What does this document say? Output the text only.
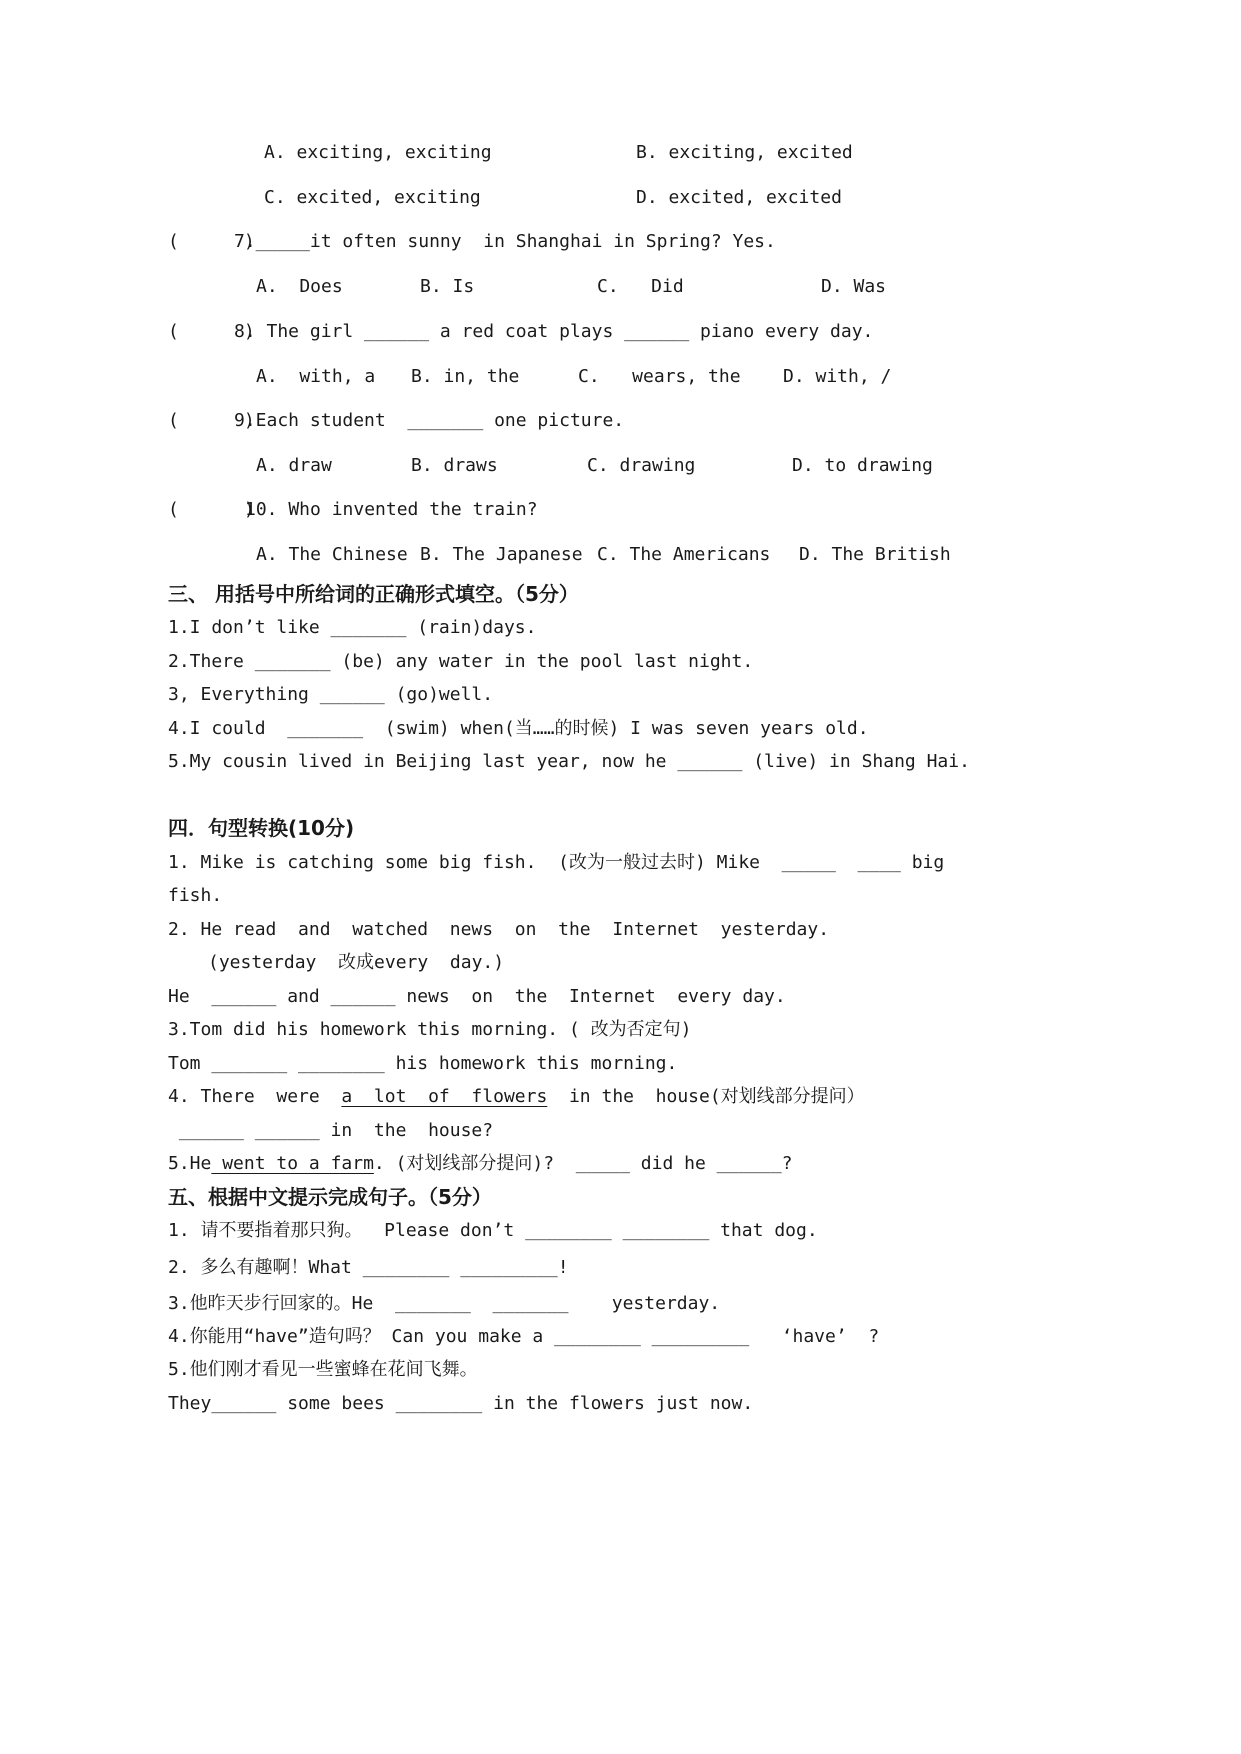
A. exciting, exciting	B. exciting, excited
C. excited, exciting	D. excited, excited
(      )
7._____it often sunny  in Shanghai in Spring? Yes.
A.  Does	B. Is	C.   Did	D. Was
(      )
8. The girl ______ a red coat plays ______ piano every day.
A.  with, a B. in, the	C.   wears, the D. with, /
(      )
9.Each student  _______ one picture.
A. draw	B. draws	C. drawing	D. to drawing
(      )
10. Who invented the train?
A. The Chinese B. The Japanese C. The Americans D. The British
三、 用括号中所给词的正确形式填空。（5分）
1.I don’t like _______ (rain)days.
2.There _______ (be) any water in the pool last night.
3, Everything ______ (go)well.
4.I could  _______  (swim) when(当……的时候) I was seven years old.
5.My cousin lived in Beijing last year, now he ______ (live) in Shang Hai.
四．句型转换(10分)
1. Mike is catching some big fish.  (改为一般过去时) Mike  _____  ____ big
fish.
2. He read  and  watched  news  on  the  Internet  yesterday.
(yesterday  改成every  day.)
He  ______ and ______ news  on  the  Internet  every day.
3.Tom did his homework this morning. ( 改为否定句)
Tom _______ ________ his homework this morning.
4. There  were  a  lot  of  flowers  in the  house(对划线部分提问）
______ ______ in  the  house?
5.He went to a farm. (对划线部分提问)?  _____ did he ______?
五、根据中文提示完成句子。（5分）
1. 请不要指着那只狗。  Please don’t ________ ________ that dog.
2. 多么有趣啊！What ________ _________!
3.他昨天步行回家的。He  _______  _______    yesterday.
4.你能用“have”造句吗？ Can you make a ________ _________   ‘have’  ?
5.他们刚才看见一些蜜蜂在花间飞舞。
They______ some bees ________ in the flowers just now.
